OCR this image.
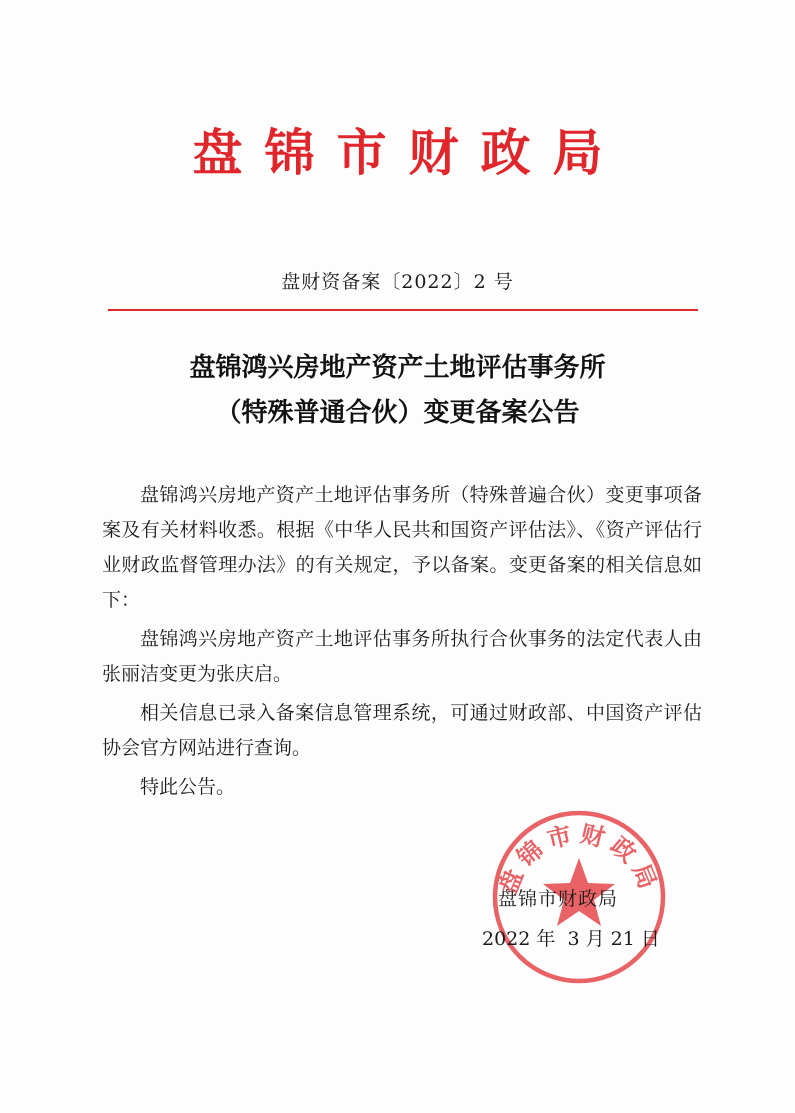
盘锦市财政局
盘财资备案〔2022〕2 号
盘锦鸿兴房地产资产土地评估事务所
（特殊普通合伙）变更备案公告

盘锦鸿兴房地产资产土地评估事务所（特殊普遍合伙）变更事项备案及有关材料收悉。根据《中华人民共和国资产评估法》、《资产评估行业财政监督管理办法》的有关规定，予以备案。变更备案的相关信息如下：

盘锦鸿兴房地产资产土地评估事务所执行合伙事务的法定代表人由张丽洁变更为张庆启。

相关信息已录入备案信息管理系统，可通过财政部、中国资产评估协会官方网站进行查询。

特此公告。

盘锦市财政局
盘锦市财政局
2022 年  3 月 21 日
